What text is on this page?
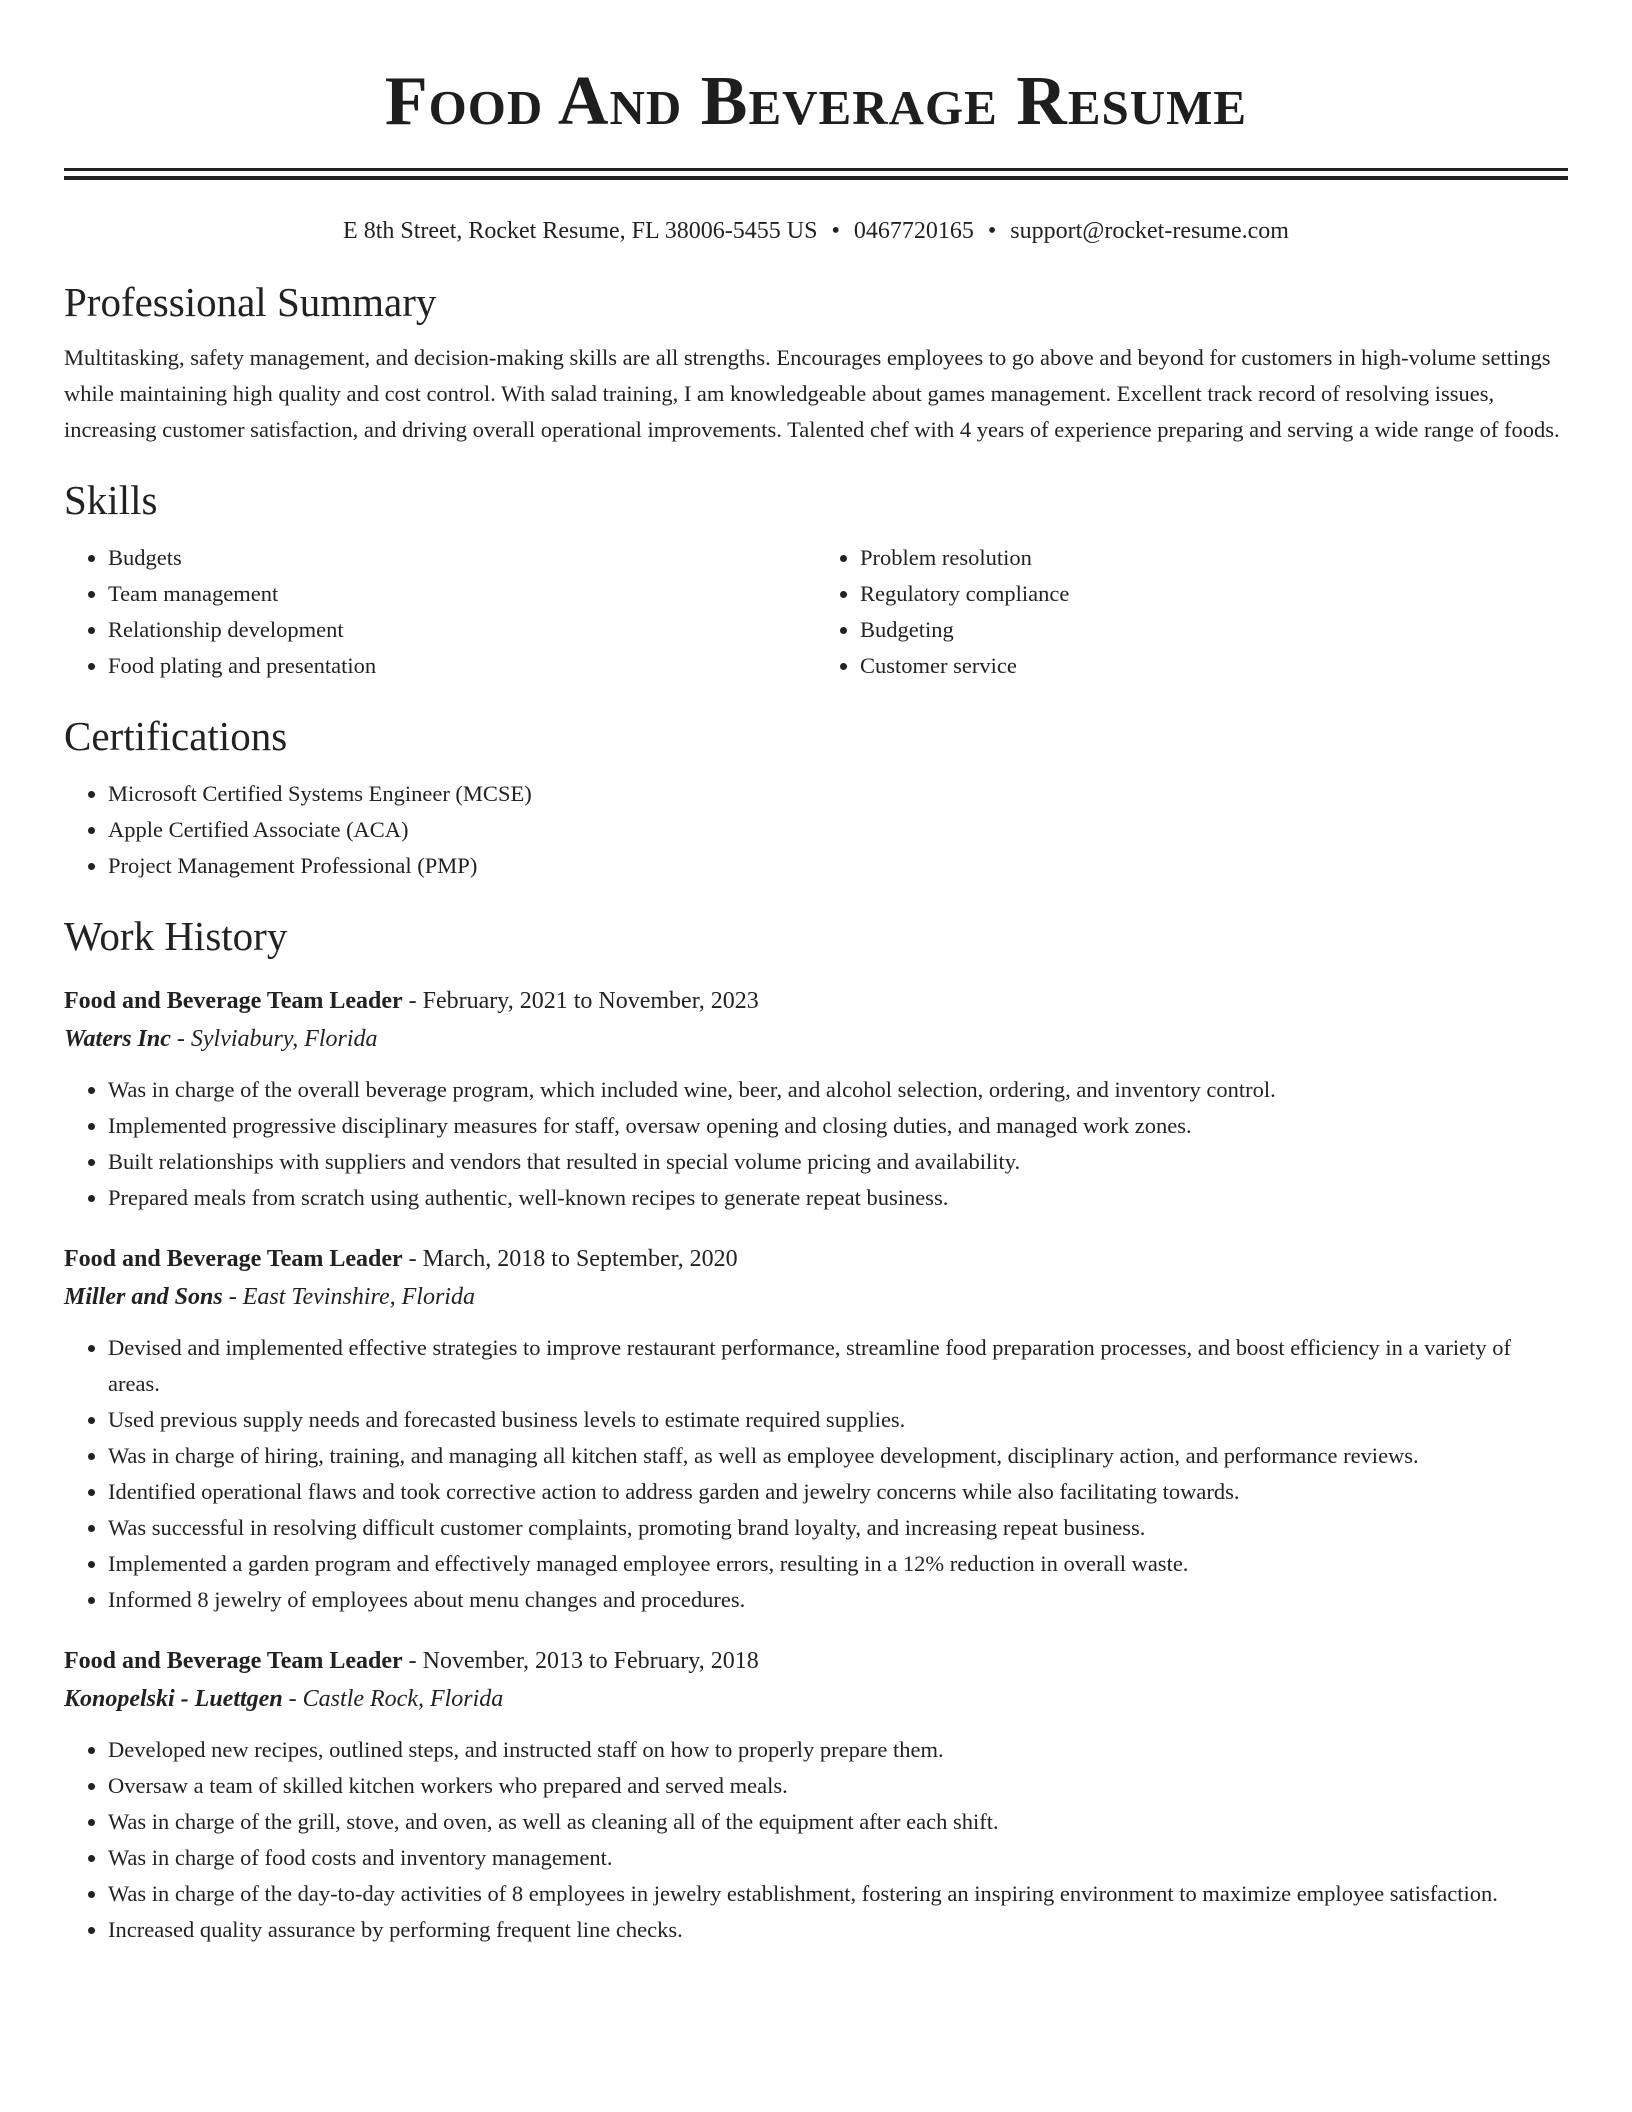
Food And Beverage Resume
E 8th Street, Rocket Resume, FL 38006-5455 US • 0467720165 • support@rocket-resume.com
Professional Summary

Multitasking, safety management, and decision-making skills are all strengths. Encourages employees to go above and beyond for customers in high-volume settings while maintaining high quality and cost control. With salad training, I am knowledgeable about games management. Excellent track record of resolving issues, increasing customer satisfaction, and driving overall operational improvements. Talented chef with 4 years of experience preparing and serving a wide range of foods.

Skills
• Budgets
• Team management
• Relationship development
• Food plating and presentation
• Problem resolution
• Regulatory compliance
• Budgeting
• Customer service
Certifications
• Microsoft Certified Systems Engineer (MCSE)
• Apple Certified Associate (ACA)
• Project Management Professional (PMP)
Work History
Food and Beverage Team Leader - February, 2021 to November, 2023
Waters Inc - Sylviabury, Florida
• Was in charge of the overall beverage program, which included wine, beer, and alcohol selection, ordering, and inventory control.
• Implemented progressive disciplinary measures for staff, oversaw opening and closing duties, and managed work zones.
• Built relationships with suppliers and vendors that resulted in special volume pricing and availability.
• Prepared meals from scratch using authentic, well-known recipes to generate repeat business.
Food and Beverage Team Leader - March, 2018 to September, 2020
Miller and Sons - East Tevinshire, Florida
• Devised and implemented effective strategies to improve restaurant performance, streamline food preparation processes, and boost efficiency in a variety of areas.
• Used previous supply needs and forecasted business levels to estimate required supplies.
• Was in charge of hiring, training, and managing all kitchen staff, as well as employee development, disciplinary action, and performance reviews.
• Identified operational flaws and took corrective action to address garden and jewelry concerns while also facilitating towards.
• Was successful in resolving difficult customer complaints, promoting brand loyalty, and increasing repeat business.
• Implemented a garden program and effectively managed employee errors, resulting in a 12% reduction in overall waste.
• Informed 8 jewelry of employees about menu changes and procedures.
Food and Beverage Team Leader - November, 2013 to February, 2018
Konopelski - Luettgen - Castle Rock, Florida
• Developed new recipes, outlined steps, and instructed staff on how to properly prepare them.
• Oversaw a team of skilled kitchen workers who prepared and served meals.
• Was in charge of the grill, stove, and oven, as well as cleaning all of the equipment after each shift.
• Was in charge of food costs and inventory management.
• Was in charge of the day-to-day activities of 8 employees in jewelry establishment, fostering an inspiring environment to maximize employee satisfaction.
• Increased quality assurance by performing frequent line checks.
